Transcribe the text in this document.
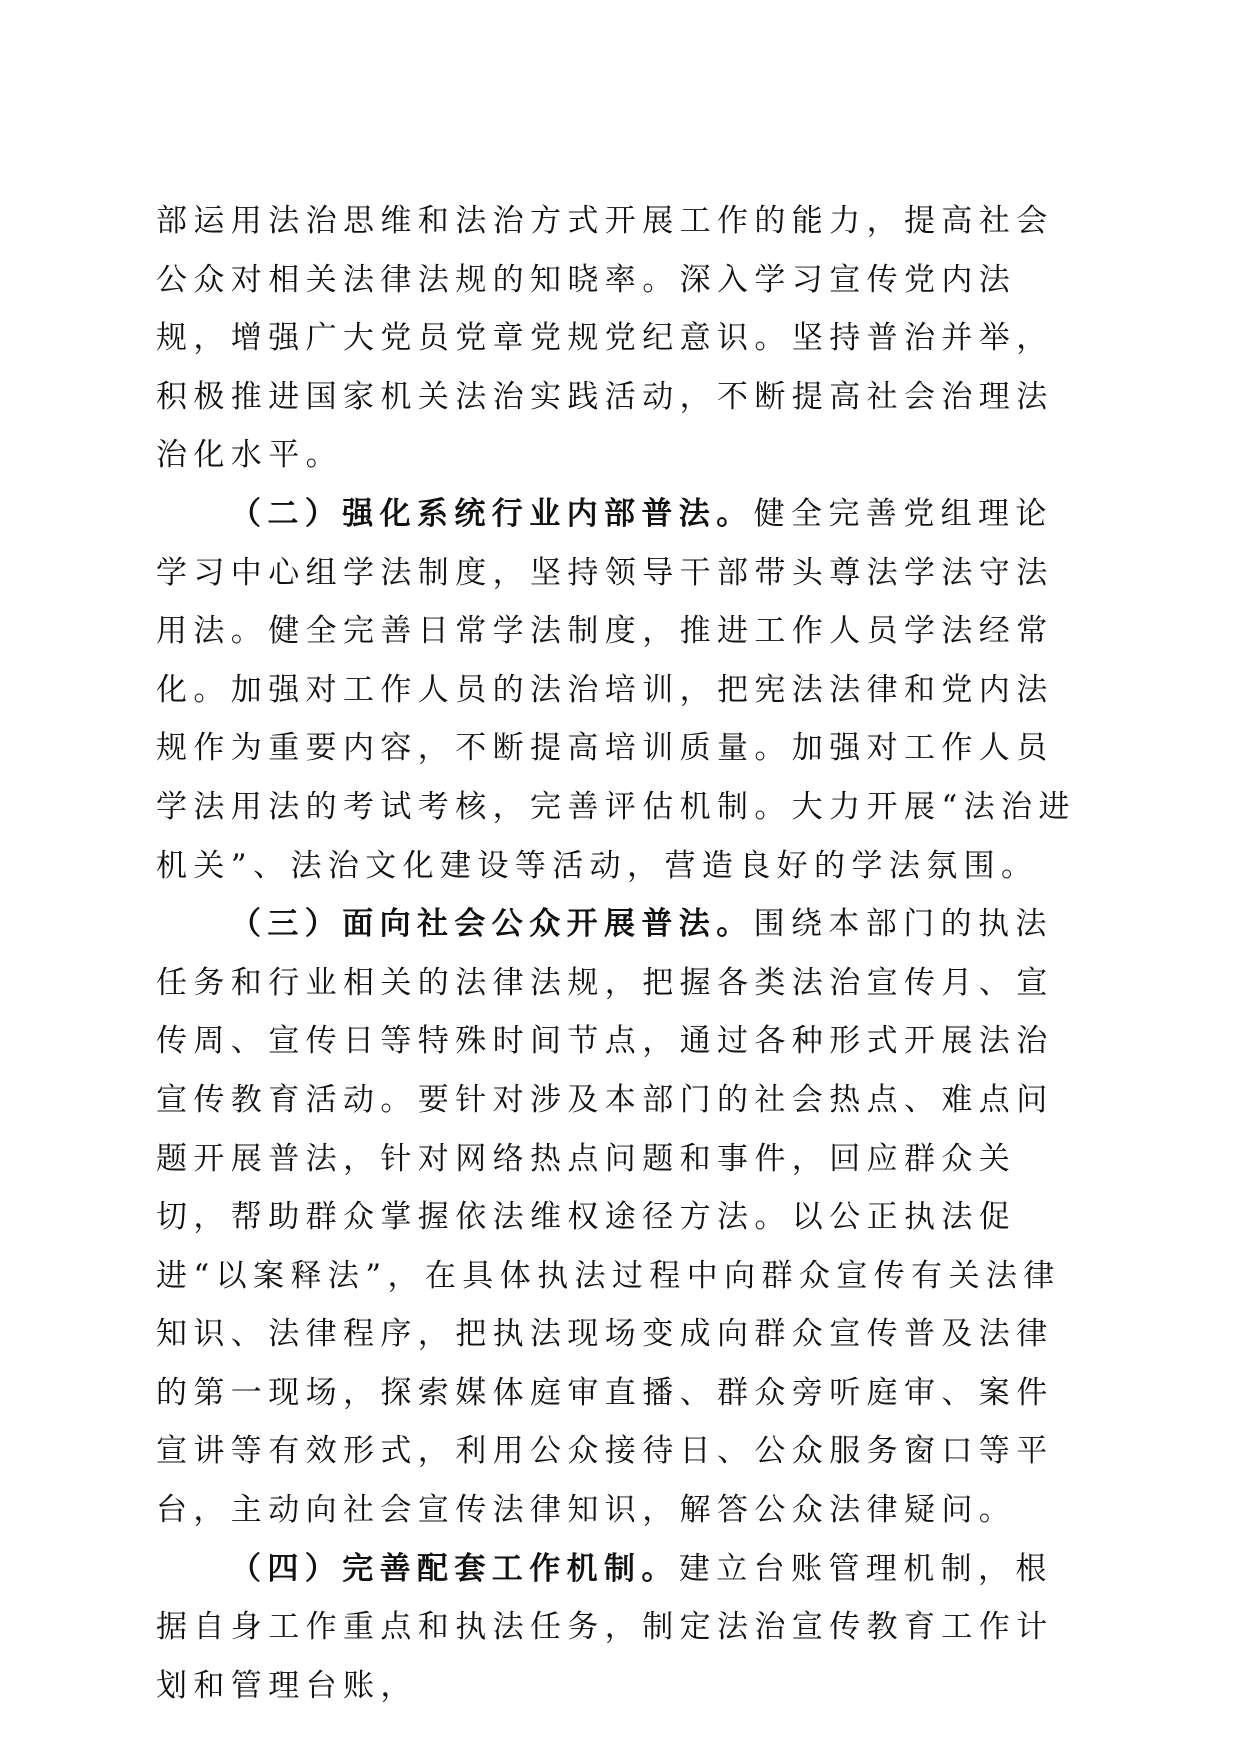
部运用法治思维和法治方式开展工作的能力，提高社会公众对相关法律法规的知晓率。深入学习宣传党内法规，增强广大党员党章党规党纪意识。坚持普治并举，积极推进国家机关法治实践活动，不断提高社会治理法治化水平。

（二）强化系统行业内部普法。健全完善党组理论学习中心组学法制度，坚持领导干部带头尊法学法守法用法。健全完善日常学法制度，推进工作人员学法经常化。加强对工作人员的法治培训，把宪法法律和党内法规作为重要内容，不断提高培训质量。加强对工作人员学法用法的考试考核，完善评估机制。大力开展“法治进机关”、法治文化建设等活动，营造良好的学法氛围。

（三）面向社会公众开展普法。围绕本部门的执法任务和行业相关的法律法规，把握各类法治宣传月、宣传周、宣传日等特殊时间节点，通过各种形式开展法治宣传教育活动。要针对涉及本部门的社会热点、难点问题开展普法，针对网络热点问题和事件，回应群众关切，帮助群众掌握依法维权途径方法。以公正执法促进“以案释法”，在具体执法过程中向群众宣传有关法律知识、法律程序，把执法现场变成向群众宣传普及法律的第一现场，探索媒体庭审直播、群众旁听庭审、案件宣讲等有效形式，利用公众接待日、公众服务窗口等平台，主动向社会宣传法律知识，解答公众法律疑问。

（四）完善配套工作机制。建立台账管理机制，根据自身工作重点和执法任务，制定法治宣传教育工作计划和管理台账，
